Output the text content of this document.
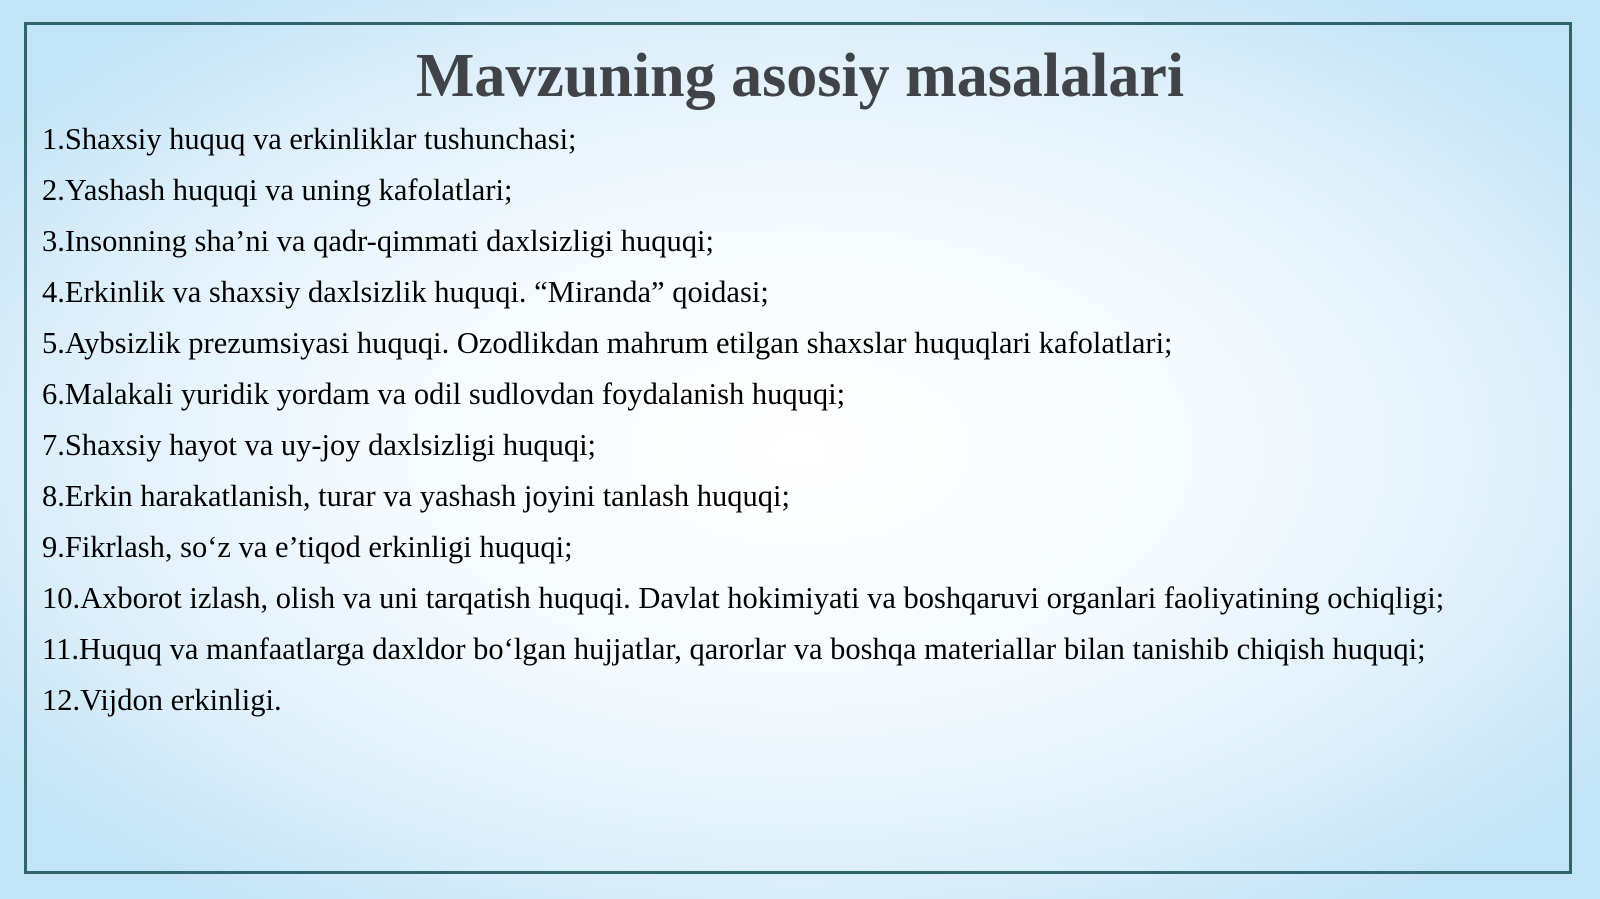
Mavzuning asosiy masalalari
1.Shaxsiy huquq va erkinliklar tushunchasi;
2.Yashash huquqi va uning kafolatlari;
3.Insonning sha’ni va qadr-qimmati daxlsizligi huquqi;
4.Erkinlik va shaxsiy daxlsizlik huquqi. “Miranda” qoidasi;
5.Aybsizlik prezumsiyasi huquqi. Ozodlikdan mahrum etilgan shaxslar huquqlari kafolatlari;
6.Malakali yuridik yordam va odil sudlovdan foydalanish huquqi;
7.Shaxsiy hayot va uy-joy daxlsizligi huquqi;
8.Erkin harakatlanish, turar va yashash joyini tanlash huquqi;
9.Fikrlash, so‘z va e’tiqod erkinligi huquqi;
10.Axborot izlash, olish va uni tarqatish huquqi. Davlat hokimiyati va boshqaruvi organlari faoliyatining ochiqligi;
11.Huquq va manfaatlarga daxldor bo‘lgan hujjatlar, qarorlar va boshqa materiallar bilan tanishib chiqish huquqi;
12.Vijdon erkinligi.
